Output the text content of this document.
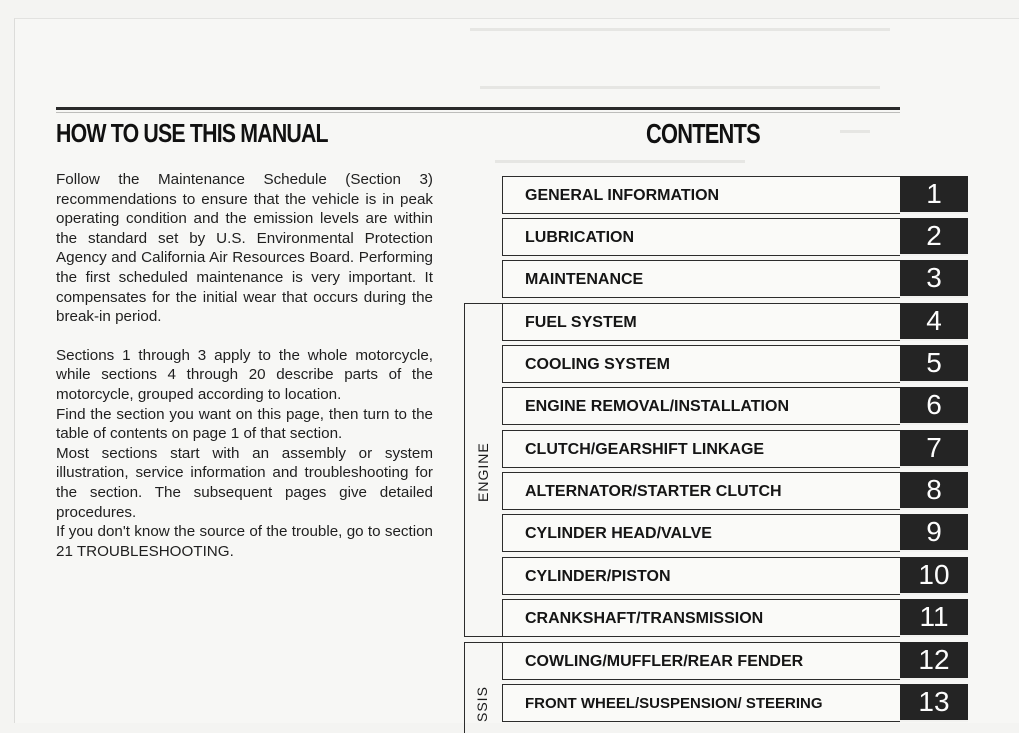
HOW TO USE THIS MANUAL	CONTENTS

Follow the Maintenance Schedule (Section 3) recommendations to ensure that the vehicle is in peak operating condition and the emission levels are within the standard set by U.S. Environmental Protection Agency and California Air Resources Board. Performing the first scheduled maintenance is very important. It compensates for the initial wear that occurs during the break-in period.

Sections 1 through 3 apply to the whole motorcycle, while sections 4 through 20 describe parts of the motorcycle, grouped according to location.

Find the section you want on this page, then turn to the table of contents on page 1 of that section.

Most sections start with an assembly or system illustration, service information and troubleshooting for the section. The subsequent pages give detailed procedures.

If you don't know the source of the trouble, go to section 21 TROUBLESHOOTING.

ENGINE
SSIS
GENERAL INFORMATION	1
LUBRICATION	2
MAINTENANCE	3
FUEL SYSTEM	4
COOLING SYSTEM	5
ENGINE REMOVAL/INSTALLATION	6
CLUTCH/GEARSHIFT LINKAGE	7
ALTERNATOR/STARTER CLUTCH	8
CYLINDER HEAD/VALVE	9
CYLINDER/PISTON	10
CRANKSHAFT/TRANSMISSION	11
COWLING/MUFFLER/REAR FENDER	12
FRONT WHEEL/SUSPENSION/ STEERING	13
